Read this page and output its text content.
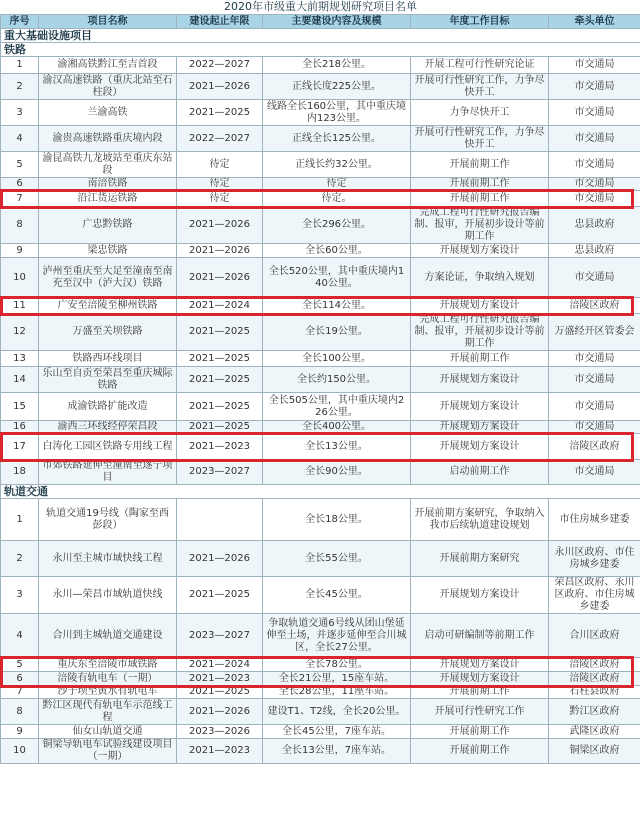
2020年市级重大前期规划研究项目名单					
序号	项目名称	建设起止年限	主要建设内容及规模	年度工作目标	牵头单位
重大基础设施项目					
铁路					
1	渝湘高铁黔江至吉首段	2022—2027	全长218公里。	开展工程可行性研究论证	市交通局
2	渝汉高速铁路（重庆北站至石柱段）	2021—2026	正线长度225公里。	开展可行性研究工作，力争尽快开工	市交通局
3	兰渝高铁	2021—2025	线路全长160公里，其中重庆境内123公里。	力争尽快开工	市交通局
4	渝贵高速铁路重庆境内段	2022—2027	正线全长125公里。	开展可行性研究工作，力争尽快开工	市交通局
5	渝昆高铁九龙坡站至重庆东站段	待定	正线长约32公里。	开展前期工作	市交通局
6	南涪铁路	待定	待定	开展前期工作	市交通局
7	沿江货运铁路	待定	待定。	开展前期工作	市交通局
8	广忠黔铁路	2021—2026	全长296公里。	完成工程可行性研究报告编制、报审，开展初步设计等前期工作	忠县政府
9	梁忠铁路	2021—2026	全长60公里。	开展规划方案设计	忠县政府
10	泸州至重庆至大足至潼南至南充至汉中（泸大汉）铁路	2021—2026	全长520公里，其中重庆境内140公里。	方案论证，争取纳入规划	市交通局
11	广安至涪陵至柳州铁路	2021—2024	全长114公里。	开展规划方案设计	涪陵区政府
12	万盛至关坝铁路	2021—2025	全长19公里。	完成工程可行性研究报告编制、报审，开展初步设计等前期工作	万盛经开区管委会
13	铁路西环线项目	2021—2025	全长100公里。	开展前期工作	市交通局
14	乐山至自贡至荣昌至重庆城际铁路	2021—2025	全长约150公里。	开展规划方案设计	市交通局
15	成渝铁路扩能改造	2021—2025	全长505公里，其中重庆境内226公里。	开展规划方案设计	市交通局
16	渝西三环线经停荣昌段	2021—2025	全长400公里。	开展规划方案设计	市交通局
17	白涛化工园区铁路专用线工程	2021—2023	全长13公里。	开展规划方案设计	涪陵区政府
18	市郊铁路延伸至潼南至遂宁项目	2023—2027	全长90公里。	启动前期工作	市交通局
轨道交通					
1	轨道交通19号线（陶家至西彭段）		全长18公里。	开展前期方案研究，争取纳入我市后续轨道建设规划	市住房城乡建委
2	永川至主城市域快线工程	2021—2026	全长55公里。	开展前期方案研究	永川区政府、市住房城乡建委
3	永川—荣昌市域轨道快线	2021—2025	全长45公里。	开展规划方案设计	荣昌区政府、永川区政府、市住房城乡建委
4	合川到主城轨道交通建设	2023—2027	争取轨道交通6号线从团山堡延伸至土场，并逐步延伸至合川城区，全长27公里。	启动可研编制等前期工作	合川区政府
5	重庆东至涪陵市域铁路	2021—2024	全长78公里。	开展规划方案设计	涪陵区政府
6	涪陵有轨电车（一期）	2021—2023	全长21公里，15座车站。	开展规划方案设计	涪陵区政府
7	沙子坝至黄水有轨电车	2021—2025	全长28公里，11座车站。	开展前期工作	石柱县政府
8	黔江区现代有轨电车示范线工程	2021—2026	建设T1、T2线，全长20公里。	开展可行性研究工作	黔江区政府
9	仙女山轨道交通	2023—2026	全长45公里，7座车站。	开展前期工作	武隆区政府
10	铜梁导轨电车试验线建设项目（一期）	2021—2023	全长13公里，7座车站。	开展前期工作	铜梁区政府
